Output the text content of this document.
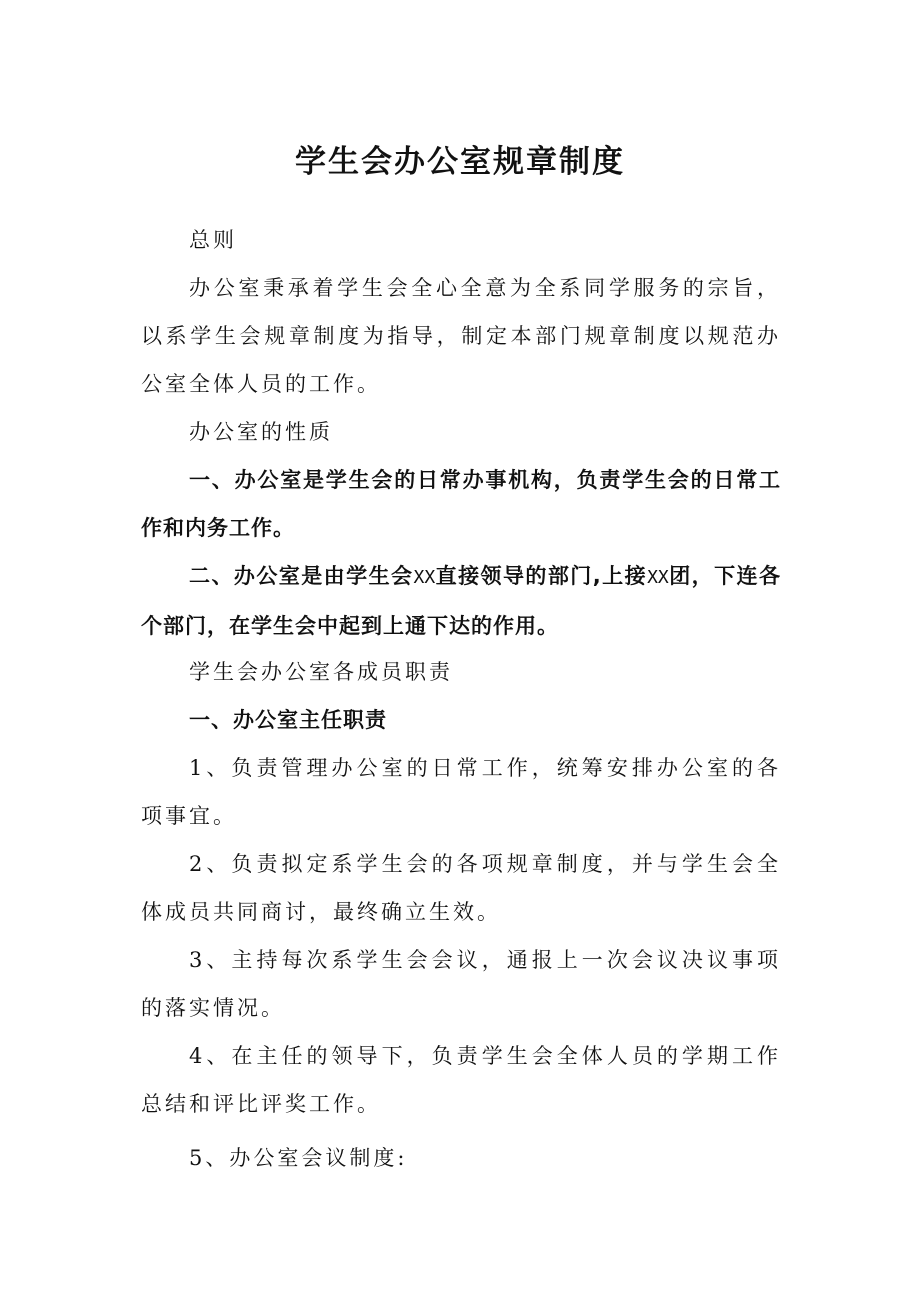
学生会办公室规章制度

总则

办公室秉承着学生会全心全意为全系同学服务的宗旨，以系学生会规章制度为指导，制定本部门规章制度以规范办公室全体人员的工作。

办公室的性质

一、办公室是学生会的日常办事机构，负责学生会的日常工作和内务工作。

二、办公室是由学生会XX直接领导的部门,上接XX团，下连各个部门，在学生会中起到上通下达的作用。

学生会办公室各成员职责

一、办公室主任职责

1、负责管理办公室的日常工作，统筹安排办公室的各项事宜。

2、负责拟定系学生会的各项规章制度，并与学生会全体成员共同商讨，最终确立生效。

3、主持每次系学生会会议，通报上一次会议决议事项的落实情况。

4、在主任的领导下，负责学生会全体人员的学期工作总结和评比评奖工作。

5、办公室会议制度:
